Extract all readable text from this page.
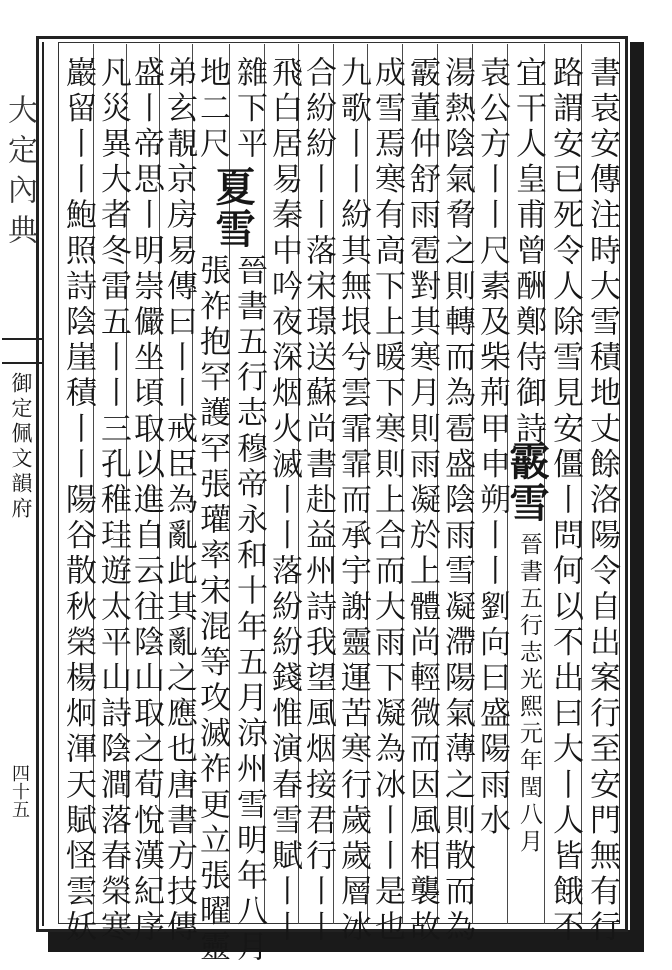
大定內典
御定佩文韻府
四十五	書袁安傳注時大雪積地丈餘洛陽令自出案行至安門無有行
路謂安已死令人除雪見安僵丨問何以不出曰大丨人皆餓不
宜干人皇甫曾酬鄭侍御詩
霰雪
晉書五行志光熙元年閏八月
袁公方丨丨尺素及柴荊甲申朔丨丨劉向曰盛陽雨水
湯熱陰氣脅之則轉而為雹盛陰雨雪凝滯陽氣薄之則散而為
霰董仲舒雨雹對其寒月則雨凝於上體尚輕微而因風相襲故
成雪焉寒有高下上暖下寒則上合而大雨下凝為冰丨丨是也
九歌丨丨紛其無垠兮雲霏霏而承宇謝靈運苦寒行歲歲層冰
合紛紛丨丨落宋璟送蘇尚書赴益州詩我望風烟接君行丨丨
飛白居易秦中吟夜深烟火滅丨丨落紛紛錢惟演春雪賦丨丨
雜下平
夏雪
晉書五行志穆帝永和十年五月涼州雪明年八月
地二尺
張祚抱罕護罕張瓘率宋混等攻滅祚更立張曜靈
弟玄靚京房易傳曰丨丨戒臣為亂此其亂之應也唐書方技傳
盛丨帝思丨明崇儼坐頃取以進自云往陰山取之荀悅漢紀序
凡災異大者冬雷五丨丨三孔稚珪遊太平山詩陰澗落春榮寒
巖留丨丨鮑照詩陰崖積丨丨陽谷散秋榮楊炯渾天賦怪雲妖
